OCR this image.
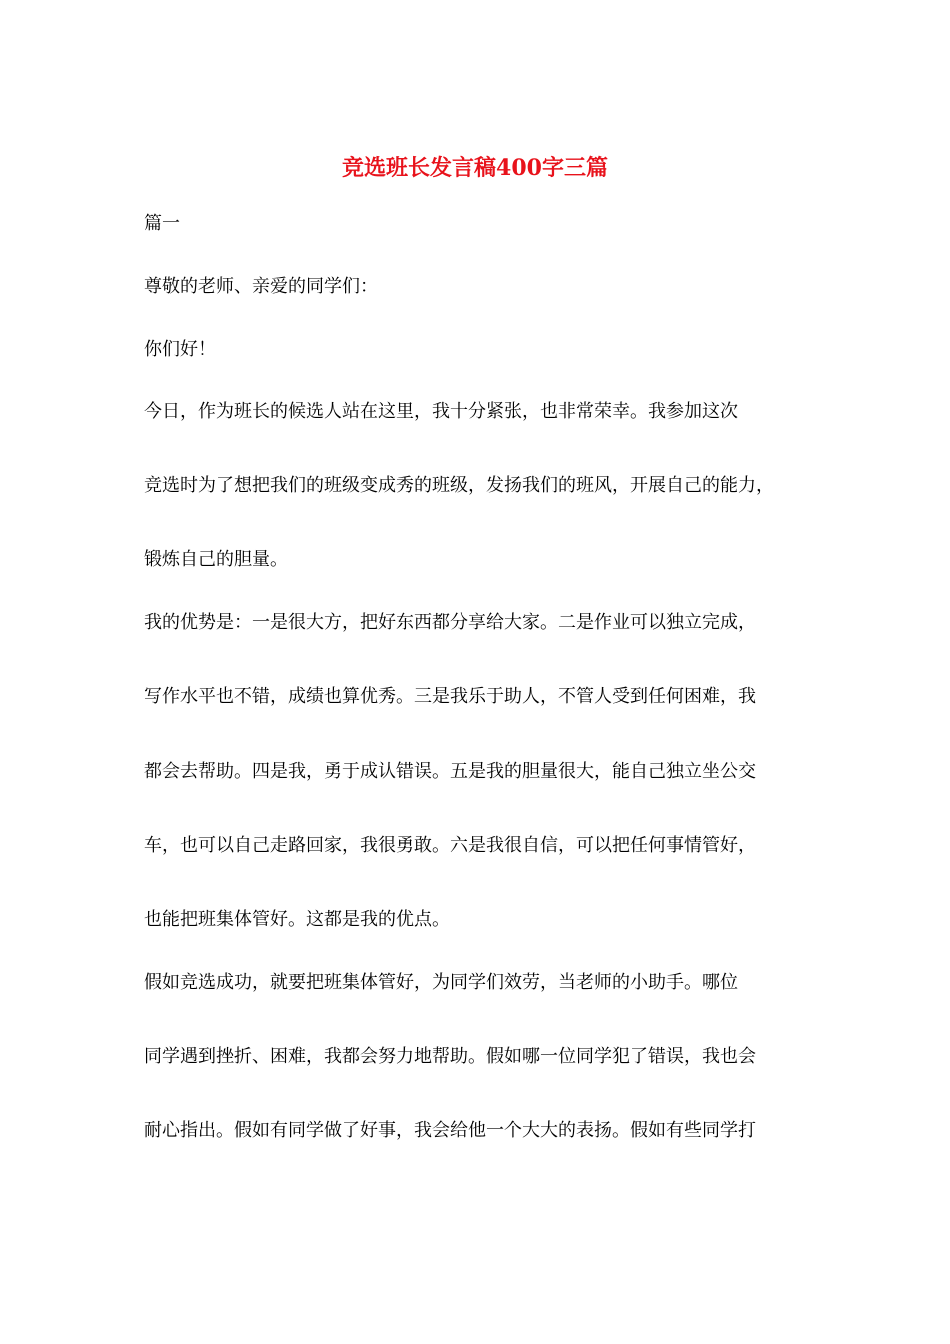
竞选班长发言稿400字三篇

篇一

尊敬的老师、亲爱的同学们：

你们好！

今日，作为班长的候选人站在这里，我十分紧张，也非常荣幸。我参加这次

竞选时为了想把我们的班级变成秀的班级，发扬我们的班风，开展自己的能力，

锻炼自己的胆量。

我的优势是：一是很大方，把好东西都分享给大家。二是作业可以独立完成，

写作水平也不错，成绩也算优秀。三是我乐于助人，不管人受到任何困难，我

都会去帮助。四是我，勇于成认错误。五是我的胆量很大，能自己独立坐公交

车，也可以自己走路回家，我很勇敢。六是我很自信，可以把任何事情管好，

也能把班集体管好。这都是我的优点。

假如竞选成功，就要把班集体管好，为同学们效劳，当老师的小助手。哪位

同学遇到挫折、困难，我都会努力地帮助。假如哪一位同学犯了错误，我也会

耐心指出。假如有同学做了好事，我会给他一个大大的表扬。假如有些同学打
